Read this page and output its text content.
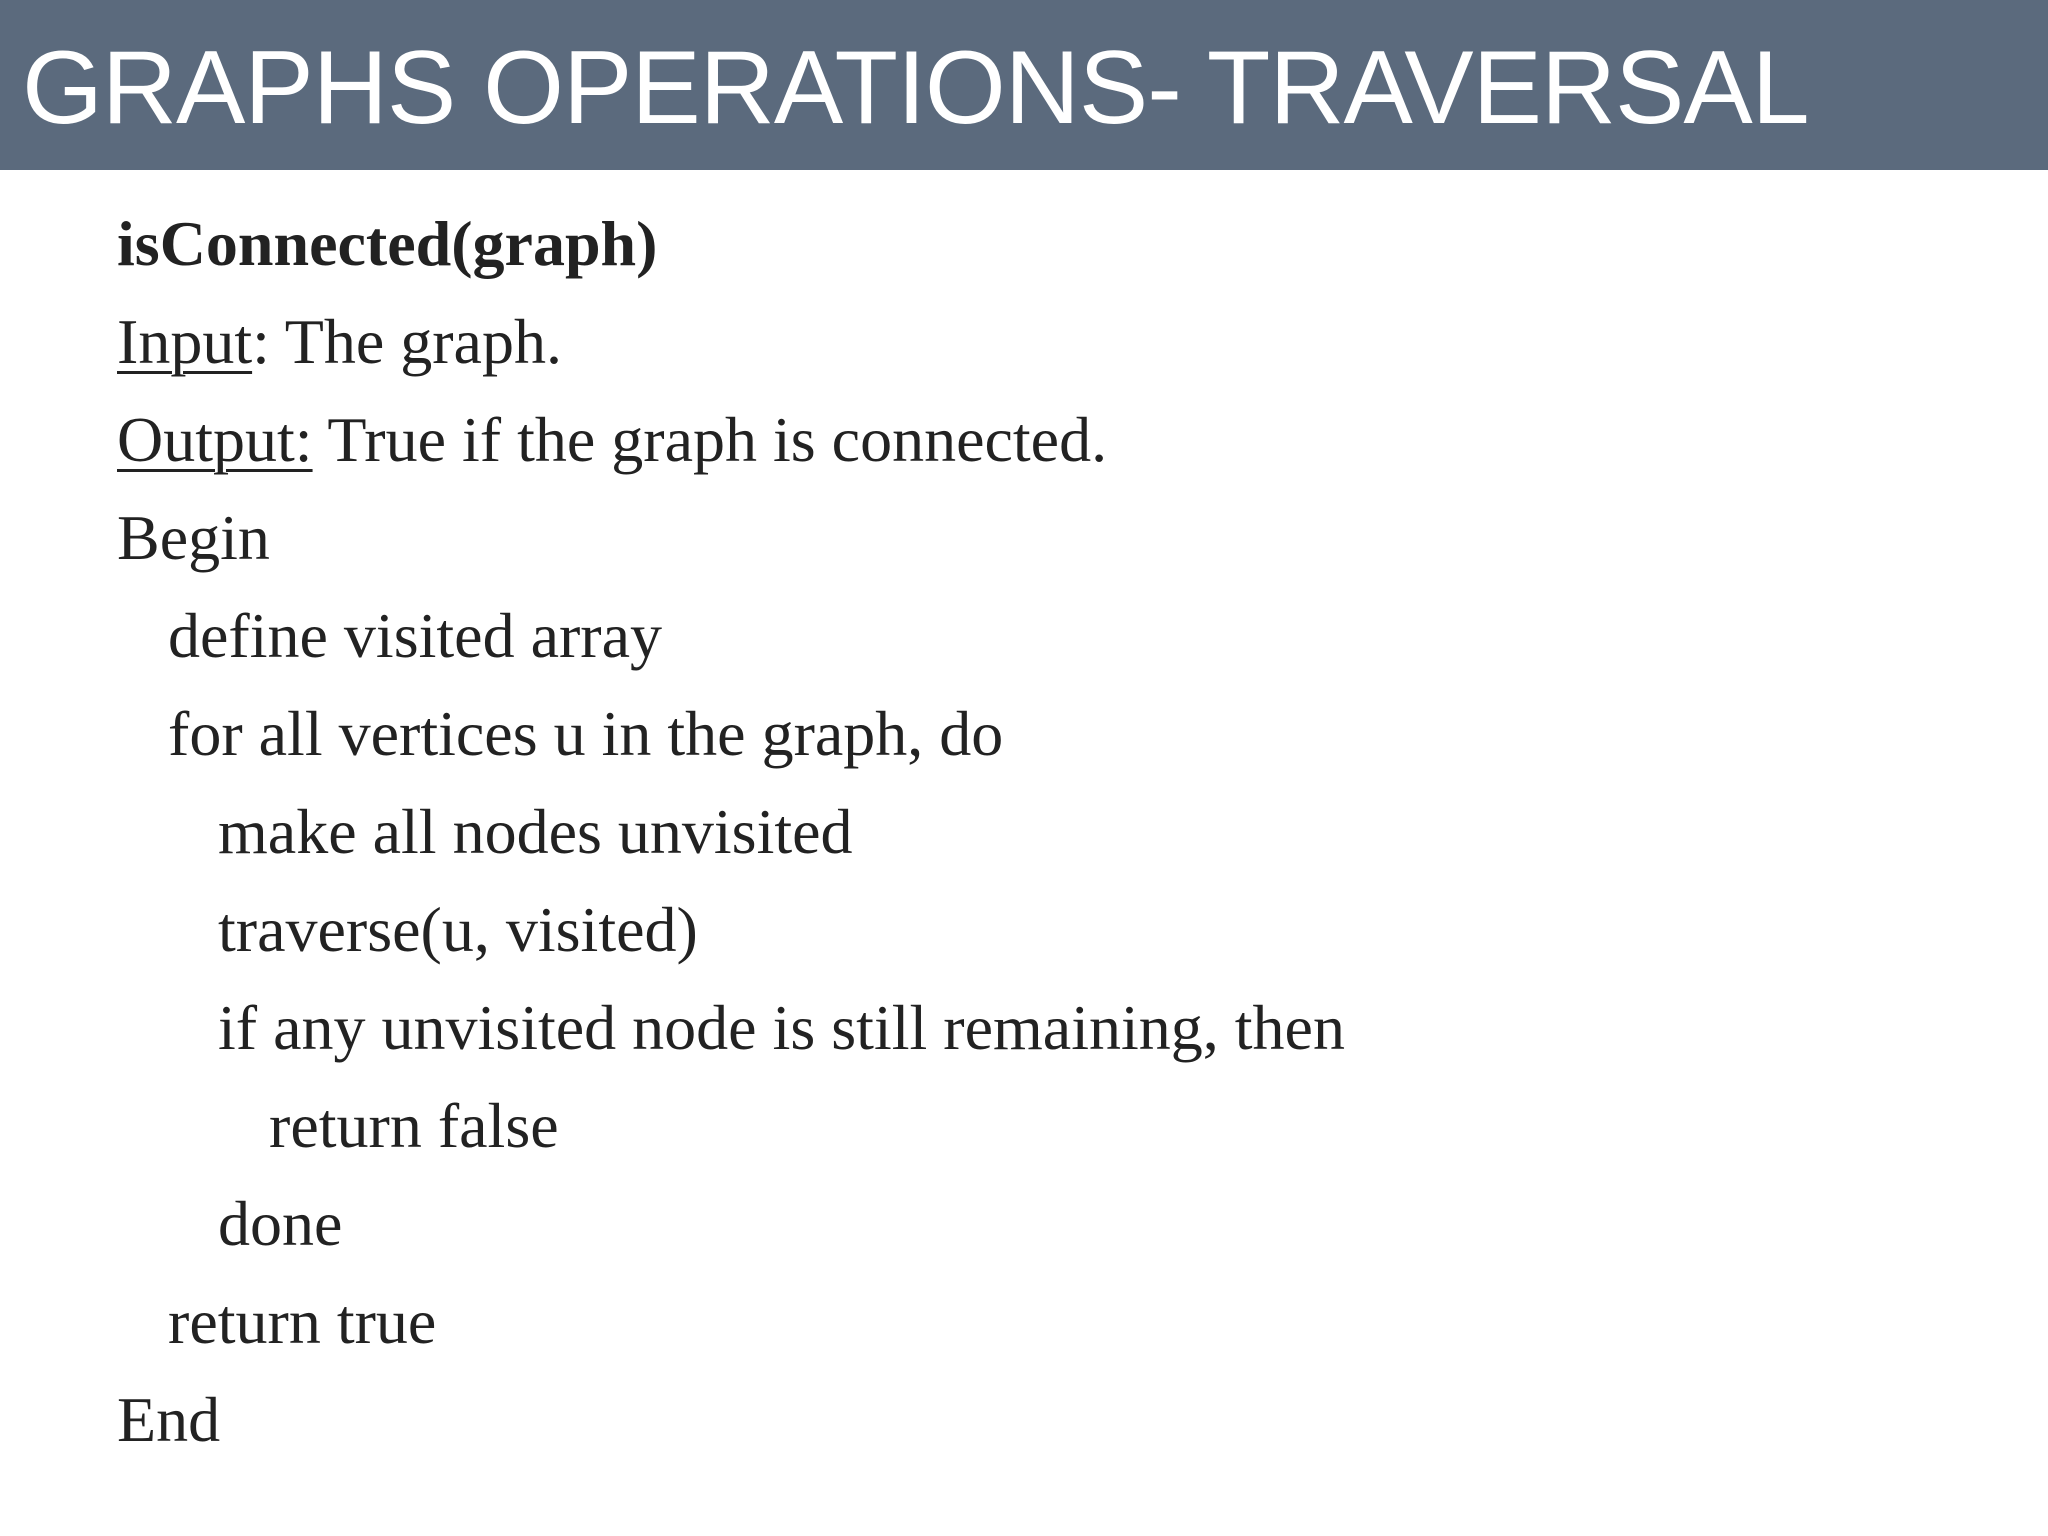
GRAPHS OPERATIONS- TRAVERSAL
isConnected(graph)
Input: The graph.
Output: True if the graph is connected.
Begin
define visited array
for all vertices u in the graph, do
make all nodes unvisited
traverse(u, visited)
if any unvisited node is still remaining, then
return false
done
return true
End
